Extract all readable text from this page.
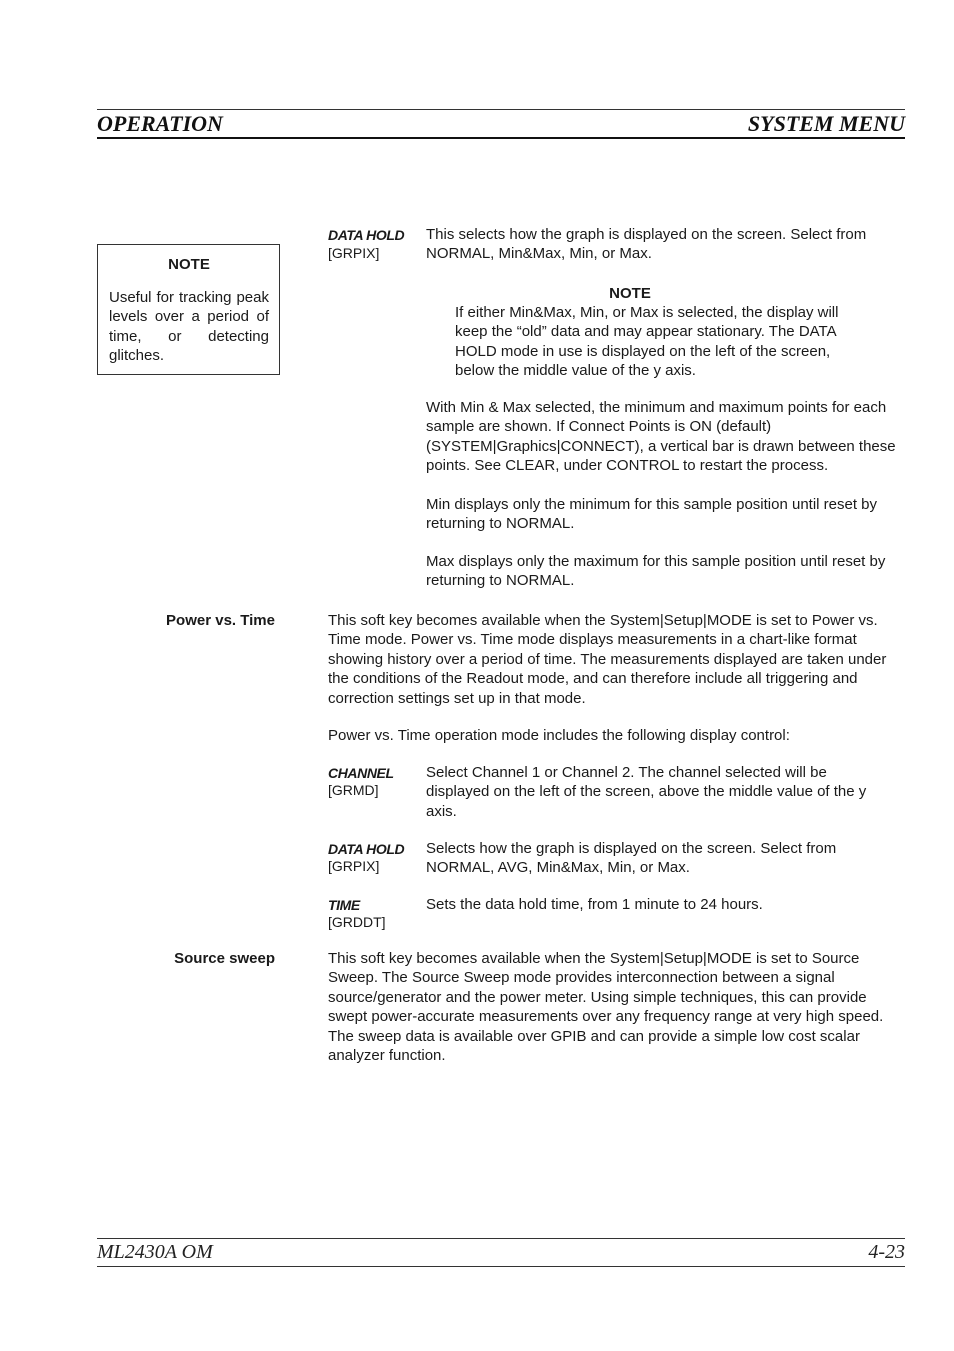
OPERATION	SYSTEM MENU
NOTE
Useful for tracking peak levels over a period of time, or detecting glitches.
DATA HOLD
[GRPIX]
This selects how the graph is displayed on the screen. Select from NORMAL, Min&Max, Min, or Max.
NOTE
If either Min&Max, Min, or Max is selected, the display will keep the “old” data and may appear stationary. The DATA HOLD mode in use is displayed on the left of the screen, below the middle value of the y axis.
With Min & Max selected, the minimum and maximum points for each sample are shown. If Connect Points is ON (default) (SYSTEM|Graphics|CONNECT), a vertical bar is drawn between these points. See CLEAR, under CONTROL to restart the process.
Min displays only the minimum for this sample position until reset by returning to NORMAL.
Max displays only the maximum for this sample position until reset by returning to NORMAL.
Power vs. Time	This soft key becomes available when the System|Setup|MODE is set to Power vs. Time mode. Power vs. Time mode displays measurements in a chart-like format showing history over a period of time. The measurements displayed are taken under the conditions of the Readout mode, and can therefore include all triggering and correction settings set up in that mode.
Power vs. Time operation mode includes the following display control:
CHANNEL
[GRMD]
Select Channel 1 or Channel 2. The channel selected will be displayed on the left of the screen, above the middle value of the y axis.
DATA HOLD
[GRPIX]
Selects how the graph is displayed on the screen. Select from NORMAL, AVG, Min&Max, Min, or Max.
TIME
[GRDDT]
Sets the data hold time, from 1 minute to 24 hours.
Source sweep	This soft key becomes available when the System|Setup|MODE is set to Source Sweep. The Source Sweep mode provides interconnection between a signal source/generator and the power meter. Using simple techniques, this can provide swept power-accurate measurements over any frequency range at very high speed. The sweep data is available over GPIB and can provide a simple low cost scalar analyzer function.
ML2430A OM	4-23
